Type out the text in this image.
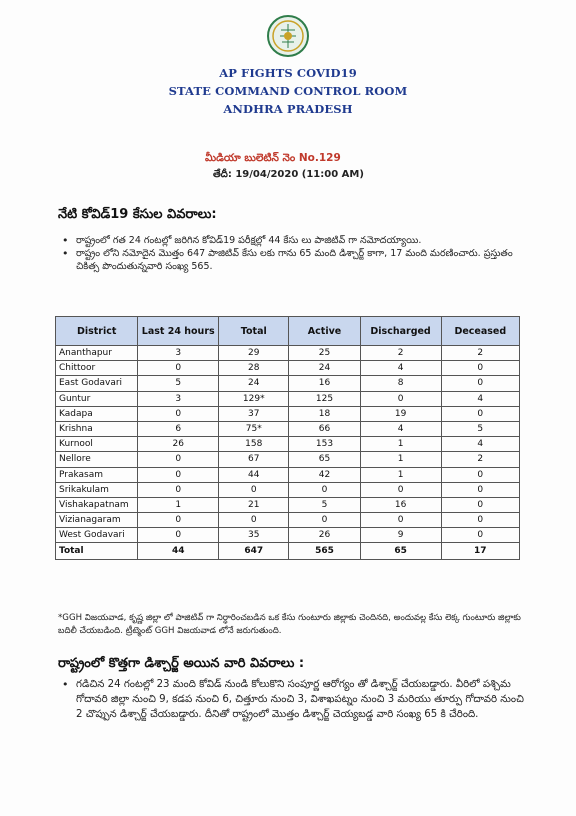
AP FIGHTS COVID19
STATE COMMAND CONTROL ROOM
ANDHRA PRADESH
మీడియా బులెటిన్ నెం No.129
తేదీ: 19/04/2020 (11:00 AM)
నేటి కోవిడ్19 కేసుల వివరాలు:
• రాష్ట్రంలో గత 24 గంటల్లో జరిగిన కోవిడ్19 పరీక్షల్లో 44 కేసు లు పాజిటివ్ గా నమోదయ్యాయి.
• రాష్ట్రం లోని నమోదైన మొత్తం 647 పాజిటివ్ కేసు లకు గాను 65 మంది డిశ్చార్జ్ కాగా, 17 మంది మరణించారు. ప్రస్తుతం చికిత్స పొందుతున్నవారి సంఖ్య 565.
District	Last 24 hours	Total	Active	Discharged	Deceased
Ananthapur	3	29	25	2	2
Chittoor	0	28	24	4	0
East Godavari	5	24	16	8	0
Guntur	3	129*	125	0	4
Kadapa	0	37	18	19	0
Krishna	6	75*	66	4	5
Kurnool	26	158	153	1	4
Nellore	0	67	65	1	2
Prakasam	0	44	42	1	0
Srikakulam	0	0	0	0	0
Vishakapatnam	1	21	5	16	0
Vizianagaram	0	0	0	0	0
West Godavari	0	35	26	9	0
Total	44	647	565	65	17
*GGH విజయవాడ, కృష్ణ జిల్లా లో పాజిటివ్ గా నిర్ధారించబడిన ఒక కేసు గుంటూరు జిల్లాకు చెందినది, అందువల్ల కేసు లెక్క గుంటూరు జిల్లాకు బదిలీ చేయబడింది. ట్రీట్మెంట్ GGH విజయవాడ లోనే జరుగుతుంది.
రాష్ట్రంలో కొత్తగా డిశ్చార్జ్ అయిన వారి వివరాలు :
• గడిచిన 24 గంటల్లో 23 మంది కోవిడ్ నుండి కోలుకొని సంపూర్ణ ఆరోగ్యం తో డిశ్చార్జ్ చేయబడ్డారు. వీరిలో పశ్చిమ గోదావరి జిల్లా నుంచి 9, కడప నుంచి 6, చిత్తూరు నుంచి 3, విశాఖపట్నం నుంచి 3 మరియు తూర్పు గోదావరి నుంచి 2 చొప్పున డిశ్చార్జ్ చేయబడ్డారు. దీనితో రాష్ట్రంలో మొత్తం డిశ్చార్జ్ చెయ్యబడ్డ వారి సంఖ్య 65 కి చేరింది.
